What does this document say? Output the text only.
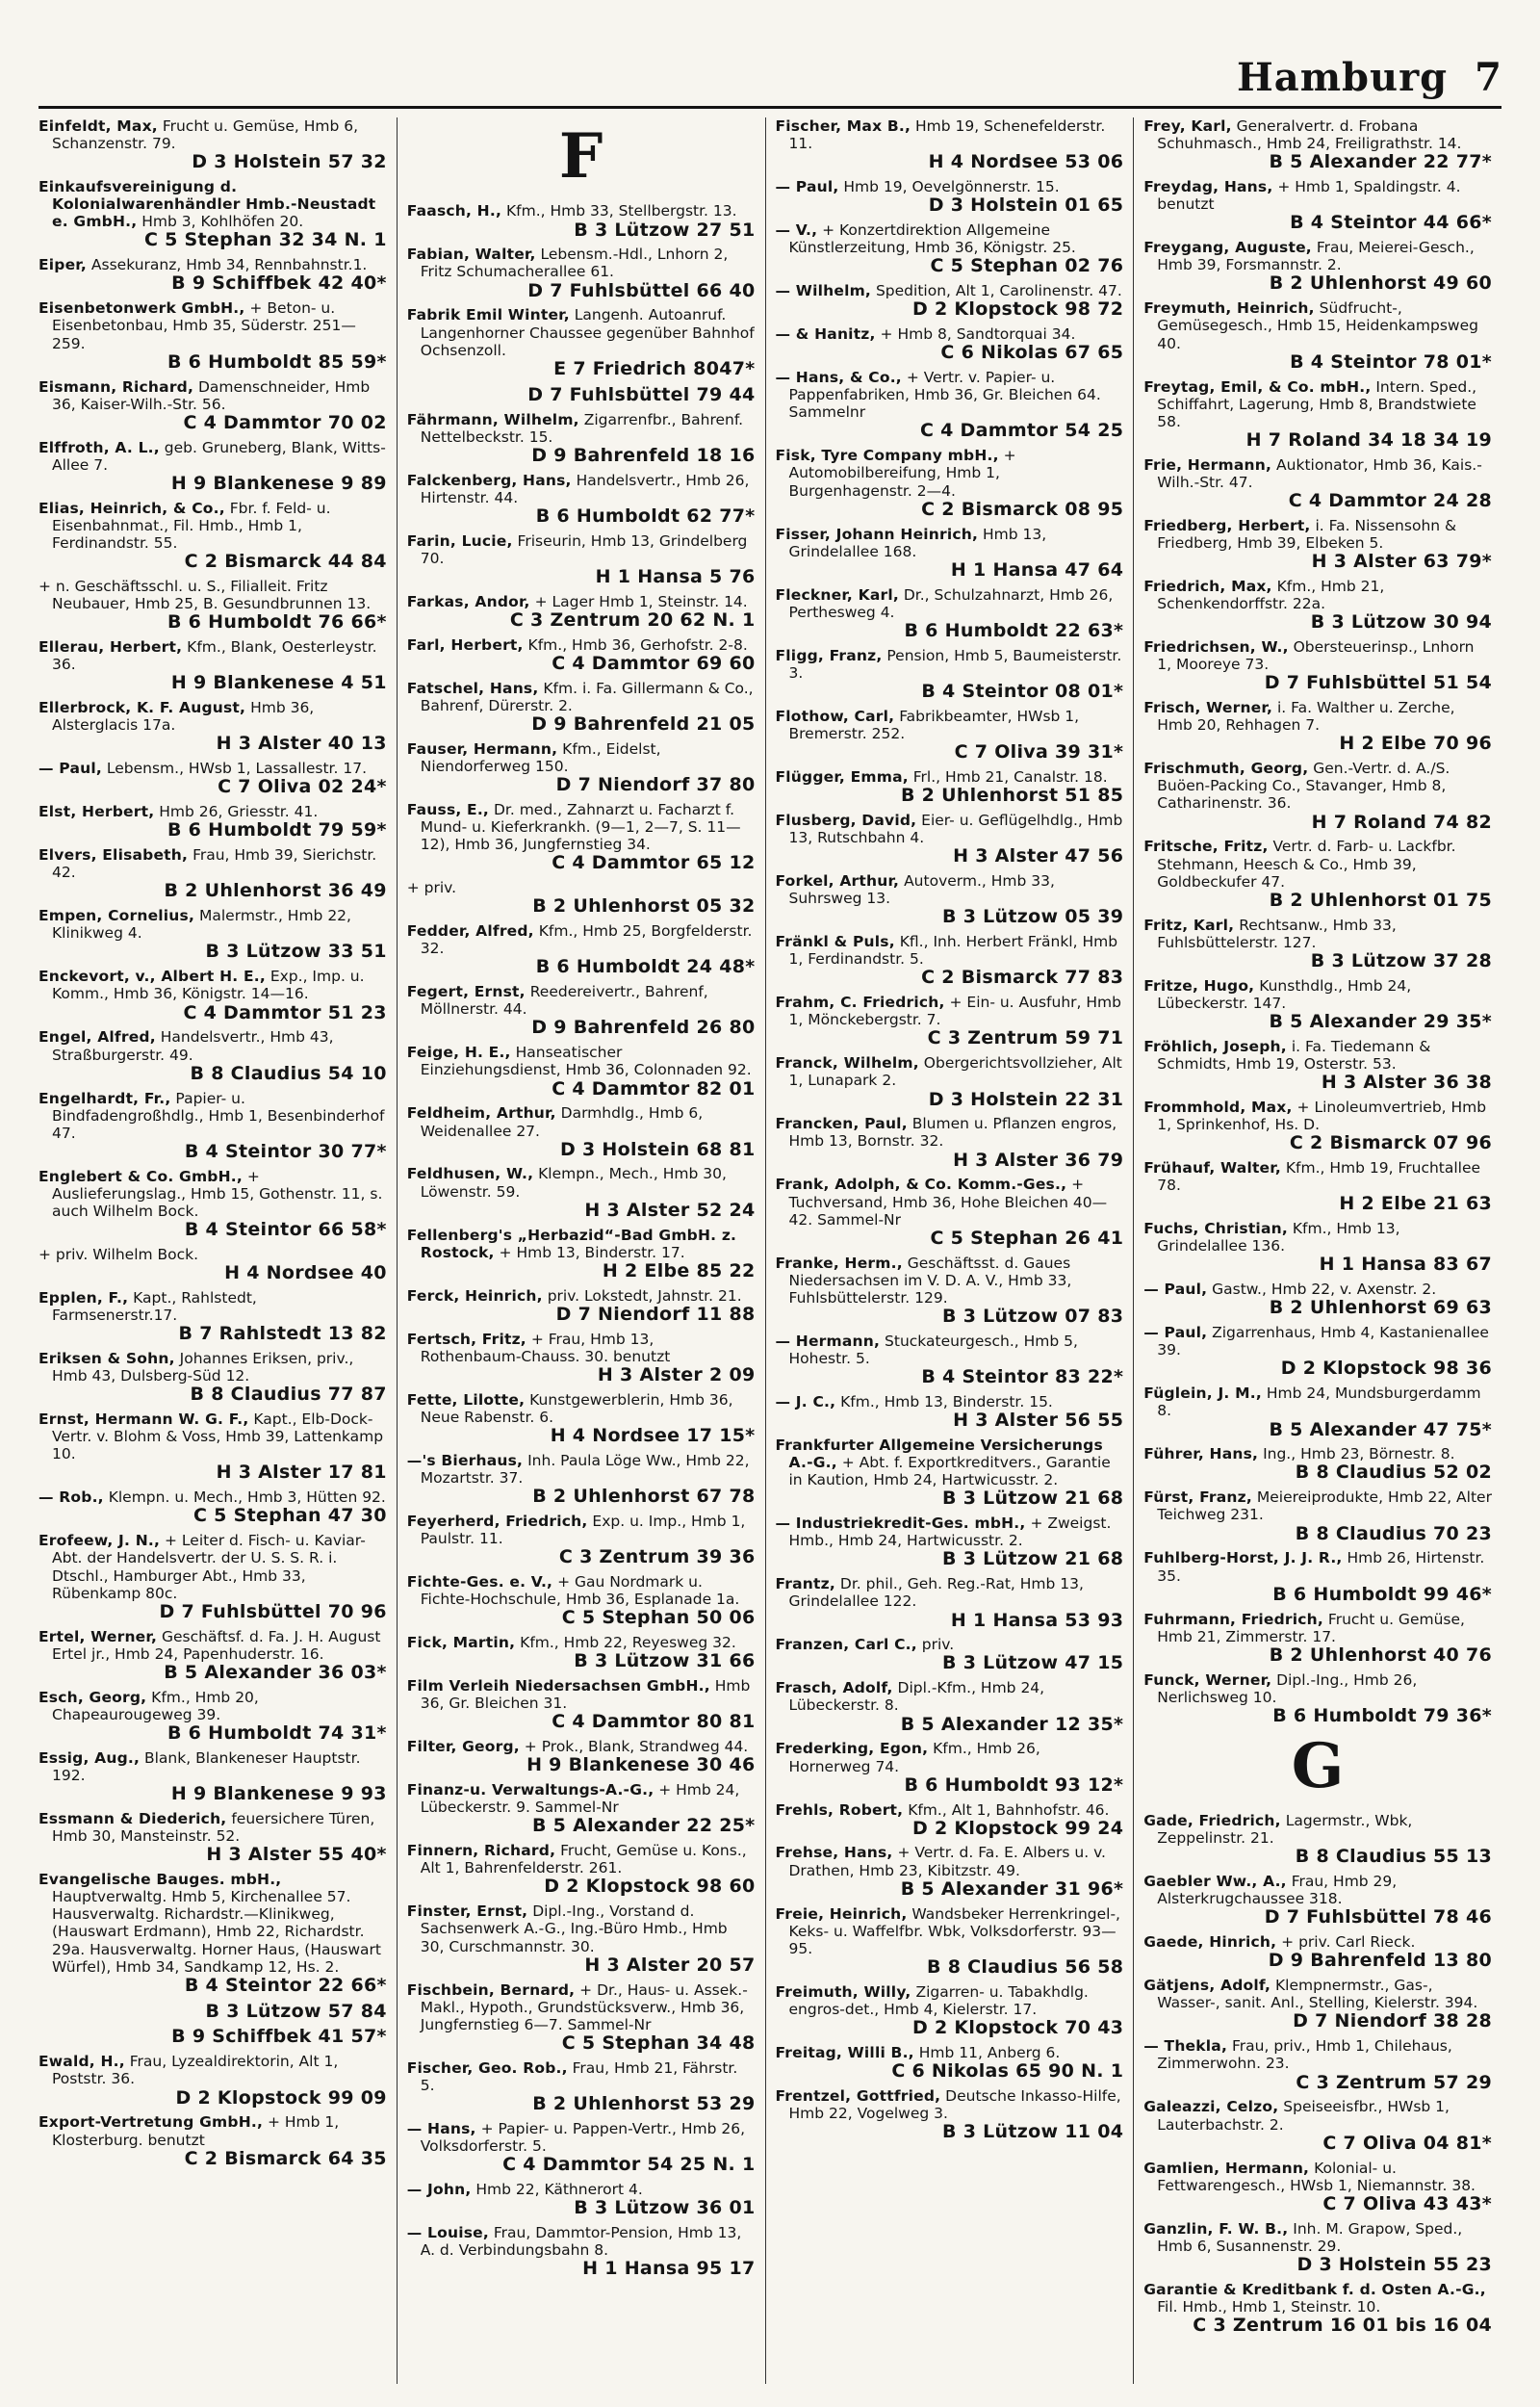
Hamburg 7
Einfeldt, Max, Frucht u. Gemüse, Hmb 6, Schanzenstr. 79.
D 3 Holstein 57 32
Einkaufsvereinigung d. Kolonialwarenhändler Hmb.-Neustadt e. GmbH., Hmb 3, Kohlhöfen 20.
C 5 Stephan 32 34 N. 1
Eiper, Assekuranz, Hmb 34, Rennbahnstr.1.
B 9 Schiffbek 42 40*
Eisenbetonwerk GmbH., + Beton- u. Eisenbetonbau, Hmb 35, Süderstr. 251—259.
B 6 Humboldt 85 59*
Eismann, Richard, Damenschneider, Hmb 36, Kaiser-Wilh.-Str. 56.
C 4 Dammtor 70 02
Elffroth, A. L., geb. Gruneberg, Blank, Witts-Allee 7.
H 9 Blankenese 9 89
Elias, Heinrich, & Co., Fbr. f. Feld- u. Eisenbahnmat., Fil. Hmb., Hmb 1, Ferdinandstr. 55.
C 2 Bismarck 44 84
+ n. Geschäftsschl. u. S., Filialleit. Fritz Neubauer, Hmb 25, B. Gesundbrunnen 13.
B 6 Humboldt 76 66*
Ellerau, Herbert, Kfm., Blank, Oesterleystr. 36.
H 9 Blankenese 4 51
Ellerbrock, K. F. August, Hmb 36, Alsterglacis 17a.
H 3 Alster 40 13
— Paul, Lebensm., HWsb 1, Lassallestr. 17.
C 7 Oliva 02 24*
Elst, Herbert, Hmb 26, Griesstr. 41.
B 6 Humboldt 79 59*
Elvers, Elisabeth, Frau, Hmb 39, Sierichstr. 42.
B 2 Uhlenhorst 36 49
Empen, Cornelius, Malermstr., Hmb 22, Klinikweg 4.
B 3 Lützow 33 51
Enckevort, v., Albert H. E., Exp., Imp. u. Komm., Hmb 36, Königstr. 14—16.
C 4 Dammtor 51 23
Engel, Alfred, Handelsvertr., Hmb 43, Straßburgerstr. 49.
B 8 Claudius 54 10
Engelhardt, Fr., Papier- u. Bindfadengroßhdlg., Hmb 1, Besenbinderhof 47.
B 4 Steintor 30 77*
Englebert & Co. GmbH., + Auslieferungslag., Hmb 15, Gothenstr. 11, s. auch Wilhelm Bock.
B 4 Steintor 66 58*
+ priv. Wilhelm Bock.
H 4 Nordsee 40
Epplen, F., Kapt., Rahlstedt, Farmsenerstr.17.
B 7 Rahlstedt 13 82
Eriksen & Sohn, Johannes Eriksen, priv., Hmb 43, Dulsberg-Süd 12.
B 8 Claudius 77 87
Ernst, Hermann W. G. F., Kapt., Elb-Dock-Vertr. v. Blohm & Voss, Hmb 39, Lattenkamp 10.
H 3 Alster 17 81
— Rob., Klempn. u. Mech., Hmb 3, Hütten 92.
C 5 Stephan 47 30
Erofeew, J. N., + Leiter d. Fisch- u. Kaviar-Abt. der Handelsvertr. der U. S. S. R. i. Dtschl., Hamburger Abt., Hmb 33, Rübenkamp 80c.
D 7 Fuhlsbüttel 70 96
Ertel, Werner, Geschäftsf. d. Fa. J. H. August Ertel jr., Hmb 24, Papenhuderstr. 16.
B 5 Alexander 36 03*
Esch, Georg, Kfm., Hmb 20, Chapeaurougeweg 39.
B 6 Humboldt 74 31*
Essig, Aug., Blank, Blankeneser Hauptstr. 192.
H 9 Blankenese 9 93
Essmann & Diederich, feuersichere Türen, Hmb 30, Mansteinstr. 52.
H 3 Alster 55 40*
Evangelische Bauges. mbH., Hauptverwaltg. Hmb 5, Kirchenallee 57. Hausverwaltg. Richardstr.—Klinikweg, (Hauswart Erdmann), Hmb 22, Richardstr. 29a. Hausverwaltg. Horner Haus, (Hauswart Würfel), Hmb 34, Sandkamp 12, Hs. 2.
B 4 Steintor 22 66*
B 3 Lützow 57 84
B 9 Schiffbek 41 57*
Ewald, H., Frau, Lyzealdirektorin, Alt 1, Poststr. 36.
D 2 Klopstock 99 09
Export-Vertretung GmbH., + Hmb 1, Klosterburg. benutzt
C 2 Bismarck 64 35
F
Faasch, H., Kfm., Hmb 33, Stellbergstr. 13.
B 3 Lützow 27 51
Fabian, Walter, Lebensm.-Hdl., Lnhorn 2, Fritz Schumacherallee 61.
D 7 Fuhlsbüttel 66 40
Fabrik Emil Winter, Langenh. Autoanruf. Langenhorner Chaussee gegenüber Bahnhof Ochsenzoll.
E 7 Friedrich 8047*
D 7 Fuhlsbüttel 79 44
Fährmann, Wilhelm, Zigarrenfbr., Bahrenf. Nettelbeckstr. 15.
D 9 Bahrenfeld 18 16
Falckenberg, Hans, Handelsvertr., Hmb 26, Hirtenstr. 44.
B 6 Humboldt 62 77*
Farin, Lucie, Friseurin, Hmb 13, Grindelberg 70.
H 1 Hansa 5 76
Farkas, Andor, + Lager Hmb 1, Steinstr. 14.
C 3 Zentrum 20 62 N. 1
Farl, Herbert, Kfm., Hmb 36, Gerhofstr. 2-8.
C 4 Dammtor 69 60
Fatschel, Hans, Kfm. i. Fa. Gillermann & Co., Bahrenf, Dürerstr. 2.
D 9 Bahrenfeld 21 05
Fauser, Hermann, Kfm., Eidelst, Niendorferweg 150.
D 7 Niendorf 37 80
Fauss, E., Dr. med., Zahnarzt u. Facharzt f. Mund- u. Kieferkrankh. (9—1, 2—7, S. 11—12), Hmb 36, Jungfernstieg 34.
C 4 Dammtor 65 12
+ priv.
B 2 Uhlenhorst 05 32
Fedder, Alfred, Kfm., Hmb 25, Borgfelderstr. 32.
B 6 Humboldt 24 48*
Fegert, Ernst, Reedereivertr., Bahrenf, Möllnerstr. 44.
D 9 Bahrenfeld 26 80
Feige, H. E., Hanseatischer Einziehungsdienst, Hmb 36, Colonnaden 92.
C 4 Dammtor 82 01
Feldheim, Arthur, Darmhdlg., Hmb 6, Weidenallee 27.
D 3 Holstein 68 81
Feldhusen, W., Klempn., Mech., Hmb 30, Löwenstr. 59.
H 3 Alster 52 24
Fellenberg's „Herbazid“-Bad GmbH. z. Rostock, + Hmb 13, Binderstr. 17.
H 2 Elbe 85 22
Ferck, Heinrich, priv. Lokstedt, Jahnstr. 21.
D 7 Niendorf 11 88
Fertsch, Fritz, + Frau, Hmb 13, Rothenbaum-Chauss. 30. benutzt
H 3 Alster 2 09
Fette, Lilotte, Kunstgewerblerin, Hmb 36, Neue Rabenstr. 6.
H 4 Nordsee 17 15*
—'s Bierhaus, Inh. Paula Löge Ww., Hmb 22, Mozartstr. 37.
B 2 Uhlenhorst 67 78
Feyerherd, Friedrich, Exp. u. Imp., Hmb 1, Paulstr. 11.
C 3 Zentrum 39 36
Fichte-Ges. e. V., + Gau Nordmark u. Fichte-Hochschule, Hmb 36, Esplanade 1a.
C 5 Stephan 50 06
Fick, Martin, Kfm., Hmb 22, Reyesweg 32.
B 3 Lützow 31 66
Film Verleih Niedersachsen GmbH., Hmb 36, Gr. Bleichen 31.
C 4 Dammtor 80 81
Filter, Georg, + Prok., Blank, Strandweg 44.
H 9 Blankenese 30 46
Finanz-u. Verwaltungs-A.-G., + Hmb 24, Lübeckerstr. 9. Sammel-Nr
B 5 Alexander 22 25*
Finnern, Richard, Frucht, Gemüse u. Kons., Alt 1, Bahrenfelderstr. 261.
D 2 Klopstock 98 60
Finster, Ernst, Dipl.-Ing., Vorstand d. Sachsenwerk A.-G., Ing.-Büro Hmb., Hmb 30, Curschmannstr. 30.
H 3 Alster 20 57
Fischbein, Bernard, + Dr., Haus- u. Assek.-Makl., Hypoth., Grundstücksverw., Hmb 36, Jungfernstieg 6—7. Sammel-Nr
C 5 Stephan 34 48
Fischer, Geo. Rob., Frau, Hmb 21, Fährstr. 5.
B 2 Uhlenhorst 53 29
— Hans, + Papier- u. Pappen-Vertr., Hmb 26, Volksdorferstr. 5.
C 4 Dammtor 54 25 N. 1
— John, Hmb 22, Käthnerort 4.
B 3 Lützow 36 01
— Louise, Frau, Dammtor-Pension, Hmb 13, A. d. Verbindungsbahn 8.
H 1 Hansa 95 17
Fischer, Max B., Hmb 19, Schenefelderstr. 11.
H 4 Nordsee 53 06
— Paul, Hmb 19, Oevelgönnerstr. 15.
D 3 Holstein 01 65
— V., + Konzertdirektion Allgemeine Künstlerzeitung, Hmb 36, Königstr. 25.
C 5 Stephan 02 76
— Wilhelm, Spedition, Alt 1, Carolinenstr. 47.
D 2 Klopstock 98 72
— & Hanitz, + Hmb 8, Sandtorquai 34.
C 6 Nikolas 67 65
— Hans, & Co., + Vertr. v. Papier- u. Pappenfabriken, Hmb 36, Gr. Bleichen 64. Sammelnr
C 4 Dammtor 54 25
Fisk, Tyre Company mbH., + Automobilbereifung, Hmb 1, Burgenhagenstr. 2—4.
C 2 Bismarck 08 95
Fisser, Johann Heinrich, Hmb 13, Grindelallee 168.
H 1 Hansa 47 64
Fleckner, Karl, Dr., Schulzahnarzt, Hmb 26, Perthesweg 4.
B 6 Humboldt 22 63*
Fligg, Franz, Pension, Hmb 5, Baumeisterstr. 3.
B 4 Steintor 08 01*
Flothow, Carl, Fabrikbeamter, HWsb 1, Bremerstr. 252.
C 7 Oliva 39 31*
Flügger, Emma, Frl., Hmb 21, Canalstr. 18.
B 2 Uhlenhorst 51 85
Flusberg, David, Eier- u. Geflügelhdlg., Hmb 13, Rutschbahn 4.
H 3 Alster 47 56
Forkel, Arthur, Autoverm., Hmb 33, Suhrsweg 13.
B 3 Lützow 05 39
Fränkl & Puls, Kfl., Inh. Herbert Fränkl, Hmb 1, Ferdinandstr. 5.
C 2 Bismarck 77 83
Frahm, C. Friedrich, + Ein- u. Ausfuhr, Hmb 1, Mönckebergstr. 7.
C 3 Zentrum 59 71
Franck, Wilhelm, Obergerichtsvollzieher, Alt 1, Lunapark 2.
D 3 Holstein 22 31
Francken, Paul, Blumen u. Pflanzen engros, Hmb 13, Bornstr. 32.
H 3 Alster 36 79
Frank, Adolph, & Co. Komm.-Ges., + Tuchversand, Hmb 36, Hohe Bleichen 40—42. Sammel-Nr
C 5 Stephan 26 41
Franke, Herm., Geschäftsst. d. Gaues Niedersachsen im V. D. A. V., Hmb 33, Fuhlsbüttelerstr. 129.
B 3 Lützow 07 83
— Hermann, Stuckateurgesch., Hmb 5, Hohestr. 5.
B 4 Steintor 83 22*
— J. C., Kfm., Hmb 13, Binderstr. 15.
H 3 Alster 56 55
Frankfurter Allgemeine Versicherungs A.-G., + Abt. f. Exportkreditvers., Garantie in Kaution, Hmb 24, Hartwicusstr. 2.
B 3 Lützow 21 68
— Industriekredit-Ges. mbH., + Zweigst. Hmb., Hmb 24, Hartwicusstr. 2.
B 3 Lützow 21 68
Frantz, Dr. phil., Geh. Reg.-Rat, Hmb 13, Grindelallee 122.
H 1 Hansa 53 93
Franzen, Carl C., priv.
B 3 Lützow 47 15
Frasch, Adolf, Dipl.-Kfm., Hmb 24, Lübeckerstr. 8.
B 5 Alexander 12 35*
Frederking, Egon, Kfm., Hmb 26, Hornerweg 74.
B 6 Humboldt 93 12*
Frehls, Robert, Kfm., Alt 1, Bahnhofstr. 46.
D 2 Klopstock 99 24
Frehse, Hans, + Vertr. d. Fa. E. Albers u. v. Drathen, Hmb 23, Kibitzstr. 49.
B 5 Alexander 31 96*
Freie, Heinrich, Wandsbeker Herrenkringel-, Keks- u. Waffelfbr. Wbk, Volksdorferstr. 93—95.
B 8 Claudius 56 58
Freimuth, Willy, Zigarren- u. Tabakhdlg. engros-det., Hmb 4, Kielerstr. 17.
D 2 Klopstock 70 43
Freitag, Willi B., Hmb 11, Anberg 6.
C 6 Nikolas 65 90 N. 1
Frentzel, Gottfried, Deutsche Inkasso-Hilfe, Hmb 22, Vogelweg 3.
B 3 Lützow 11 04
Frey, Karl, Generalvertr. d. Frobana Schuhmasch., Hmb 24, Freiligrathstr. 14.
B 5 Alexander 22 77*
Freydag, Hans, + Hmb 1, Spaldingstr. 4. benutzt
B 4 Steintor 44 66*
Freygang, Auguste, Frau, Meierei-Gesch., Hmb 39, Forsmannstr. 2.
B 2 Uhlenhorst 49 60
Freymuth, Heinrich, Südfrucht-, Gemüsegesch., Hmb 15, Heidenkampsweg 40.
B 4 Steintor 78 01*
Freytag, Emil, & Co. mbH., Intern. Sped., Schiffahrt, Lagerung, Hmb 8, Brandstwiete 58.
H 7 Roland 34 18 34 19
Frie, Hermann, Auktionator, Hmb 36, Kais.-Wilh.-Str. 47.
C 4 Dammtor 24 28
Friedberg, Herbert, i. Fa. Nissensohn & Friedberg, Hmb 39, Elbeken 5.
H 3 Alster 63 79*
Friedrich, Max, Kfm., Hmb 21, Schenkendorffstr. 22a.
B 3 Lützow 30 94
Friedrichsen, W., Obersteuerinsp., Lnhorn 1, Mooreye 73.
D 7 Fuhlsbüttel 51 54
Frisch, Werner, i. Fa. Walther u. Zerche, Hmb 20, Rehhagen 7.
H 2 Elbe 70 96
Frischmuth, Georg, Gen.-Vertr. d. A./S. Buöen-Packing Co., Stavanger, Hmb 8, Catharinenstr. 36.
H 7 Roland 74 82
Fritsche, Fritz, Vertr. d. Farb- u. Lackfbr. Stehmann, Heesch & Co., Hmb 39, Goldbeckufer 47.
B 2 Uhlenhorst 01 75
Fritz, Karl, Rechtsanw., Hmb 33, Fuhlsbüttelerstr. 127.
B 3 Lützow 37 28
Fritze, Hugo, Kunsthdlg., Hmb 24, Lübeckerstr. 147.
B 5 Alexander 29 35*
Fröhlich, Joseph, i. Fa. Tiedemann & Schmidts, Hmb 19, Osterstr. 53.
H 3 Alster 36 38
Frommhold, Max, + Linoleumvertrieb, Hmb 1, Sprinkenhof, Hs. D.
C 2 Bismarck 07 96
Frühauf, Walter, Kfm., Hmb 19, Fruchtallee 78.
H 2 Elbe 21 63
Fuchs, Christian, Kfm., Hmb 13, Grindelallee 136.
H 1 Hansa 83 67
— Paul, Gastw., Hmb 22, v. Axenstr. 2.
B 2 Uhlenhorst 69 63
— Paul, Zigarrenhaus, Hmb 4, Kastanienallee 39.
D 2 Klopstock 98 36
Füglein, J. M., Hmb 24, Mundsburgerdamm 8.
B 5 Alexander 47 75*
Führer, Hans, Ing., Hmb 23, Börnestr. 8.
B 8 Claudius 52 02
Fürst, Franz, Meiereiprodukte, Hmb 22, Alter Teichweg 231.
B 8 Claudius 70 23
Fuhlberg-Horst, J. J. R., Hmb 26, Hirtenstr. 35.
B 6 Humboldt 99 46*
Fuhrmann, Friedrich, Frucht u. Gemüse, Hmb 21, Zimmerstr. 17.
B 2 Uhlenhorst 40 76
Funck, Werner, Dipl.-Ing., Hmb 26, Nerlichsweg 10.
B 6 Humboldt 79 36*
G
Gade, Friedrich, Lagermstr., Wbk, Zeppelinstr. 21.
B 8 Claudius 55 13
Gaebler Ww., A., Frau, Hmb 29, Alsterkrugchaussee 318.
D 7 Fuhlsbüttel 78 46
Gaede, Hinrich, + priv. Carl Rieck.
D 9 Bahrenfeld 13 80
Gätjens, Adolf, Klempnermstr., Gas-, Wasser-, sanit. Anl., Stelling, Kielerstr. 394.
D 7 Niendorf 38 28
— Thekla, Frau, priv., Hmb 1, Chilehaus, Zimmerwohn. 23.
C 3 Zentrum 57 29
Galeazzi, Celzo, Speiseeisfbr., HWsb 1, Lauterbachstr. 2.
C 7 Oliva 04 81*
Gamlien, Hermann, Kolonial- u. Fettwarengesch., HWsb 1, Niemannstr. 38.
C 7 Oliva 43 43*
Ganzlin, F. W. B., Inh. M. Grapow, Sped., Hmb 6, Susannenstr. 29.
D 3 Holstein 55 23
Garantie & Kreditbank f. d. Osten A.-G., Fil. Hmb., Hmb 1, Steinstr. 10.
C 3 Zentrum 16 01 bis 16 04
